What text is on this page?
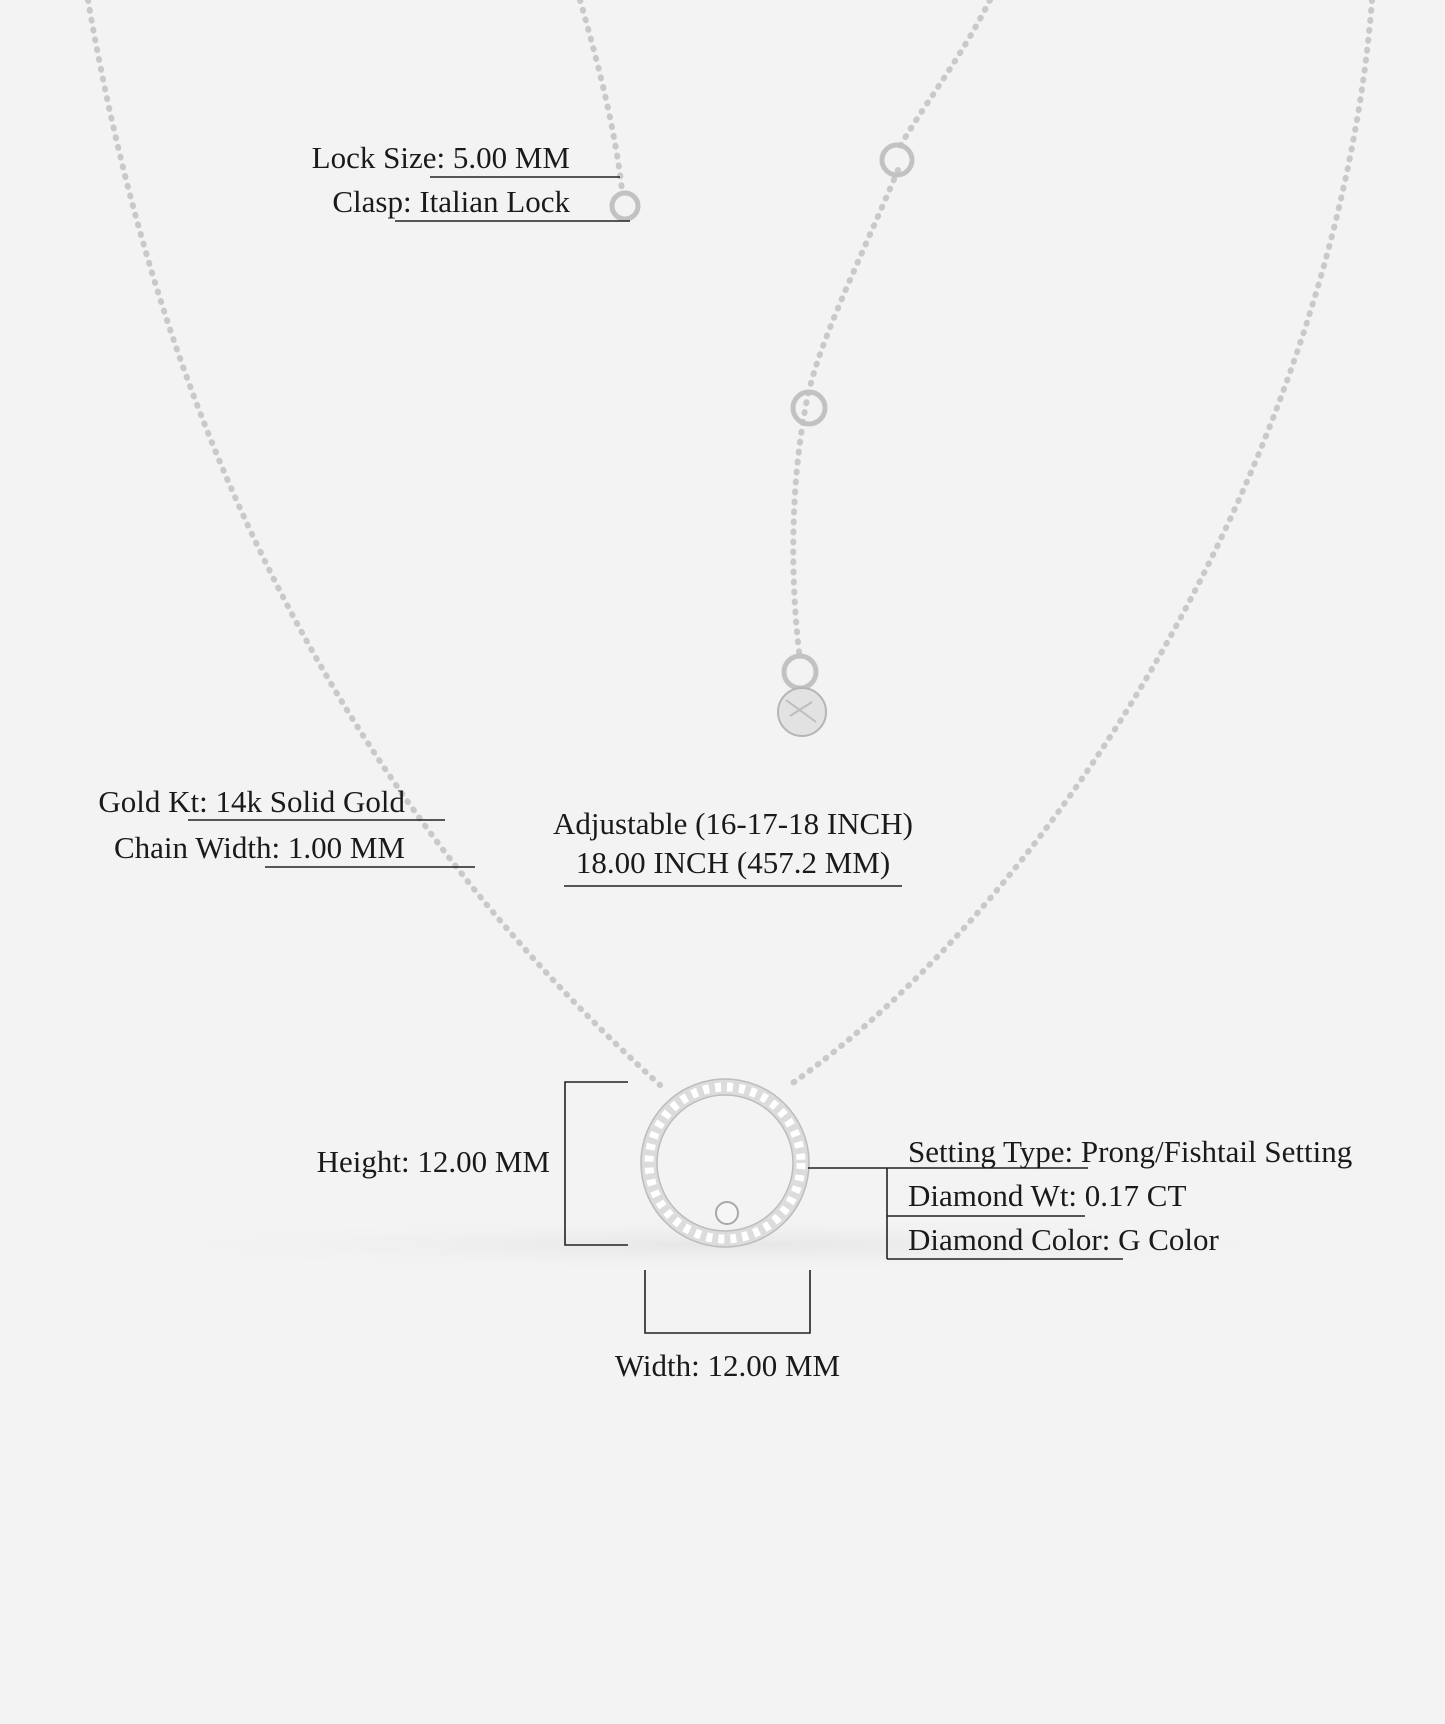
Lock Size: 5.00 MM
Clasp: Italian Lock
Gold Kt: 14k Solid Gold
Chain Width: 1.00 MM
Adjustable (16-17-18 INCH)
18.00 INCH (457.2 MM)
Height: 12.00 MM
Width: 12.00 MM
Setting Type: Prong/Fishtail Setting
Diamond Wt: 0.17 CT
Diamond Color: G Color
